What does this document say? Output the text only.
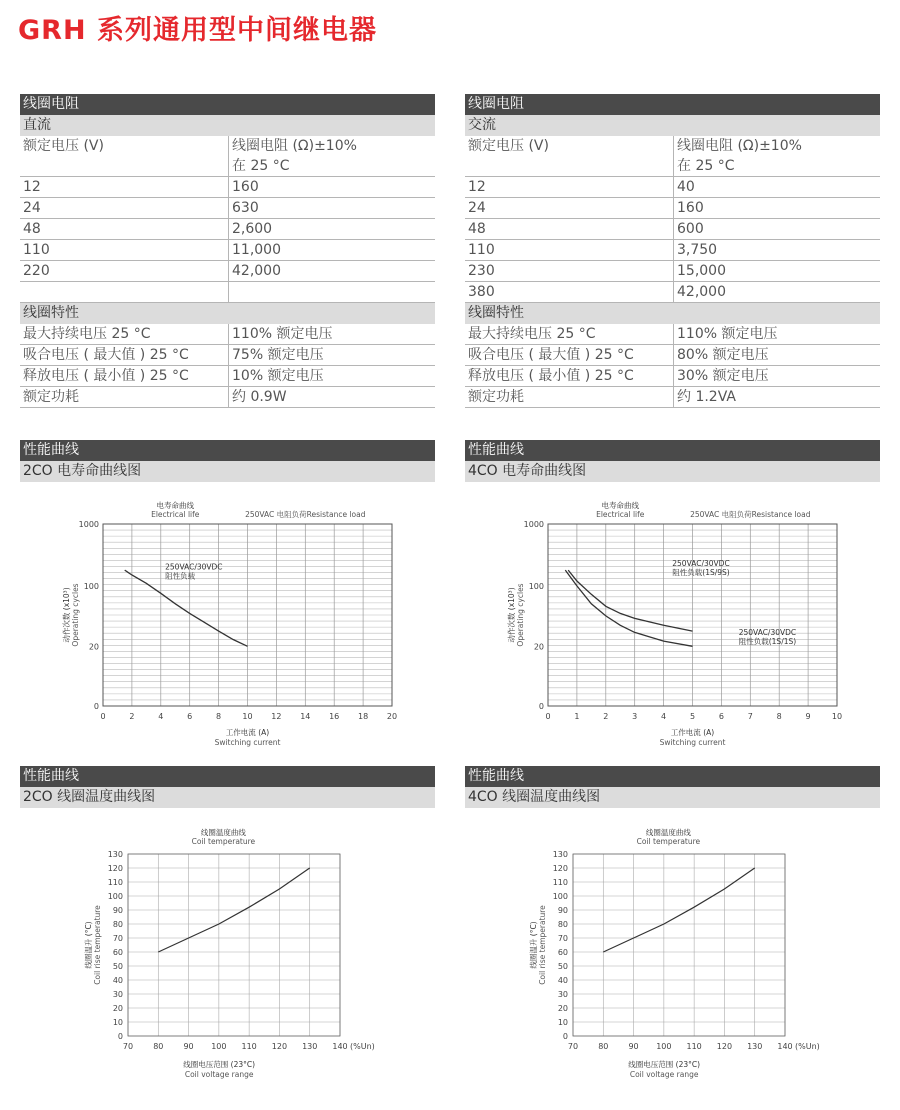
GRH 系列通用型中间继电器
线圈电阻
直流
额定电压 (V)	线圈电阻 (Ω)±10%
在 25 °C
12	160
24	630
48	2,600
110	11,000
220	42,000

线圈特性
最大持续电压 25 °C	110% 额定电压
吸合电压 ( 最大值 ) 25 °C	75% 额定电压
释放电压 ( 最小值 ) 25 °C	10% 额定电压
额定功耗	约 0.9W
线圈电阻
交流
额定电压 (V)	线圈电阻 (Ω)±10%
在 25 °C
12	40
24	160
48	600
110	3,750
230	15,000
380	42,000
线圈特性
最大持续电压 25 °C	110% 额定电压
吸合电压 ( 最大值 ) 25 °C	80% 额定电压
释放电压 ( 最小值 ) 25 °C	30% 额定电压
额定功耗	约 1.2VA
性能曲线
2CO 电寿命曲线图
性能曲线
4CO 电寿命曲线图
性能曲线
2CO 线圈温度曲线图
性能曲线
4CO 线圈温度曲线图
0	2	4	6	8	10 12 14 16 18 20
0
20
100
1000
电寿命曲线
Electrical life	250VAC 电阻负荷Resistance load
工作电流 (A)
Switching current
动作次数 (x10³) Operating cycles
250VAC/30VDC 阻性负载
0	1	2	3	4	5	6	7	8	9	10
0
20
100
1000
电寿命曲线
Electrical life	250VAC 电阻负荷Resistance load
工作电流 (A)
Switching current
动作次数 (x10³) Operating cycles
250VAC/30VDC 阻性负载(1S/9S)
250VAC/30VDC 阻性负载(1S/1S)
0
10
20
30
40
50
60
70
80
90
100
110
120
130
70	80	90 100 110 120 130 140 (%Un)
线圈温度曲线
Coil temperature
线圈电压范围 (23°C)
Coil voltage range
线圈温升 (°C) Coil rise temperature
0
10
20
30
40
50
60
70
80
90
100
110
120
130
70	80	90 100 110 120 130 140 (%Un)
线圈温度曲线
Coil temperature
线圈电压范围 (23°C)
Coil voltage range
线圈温升 (°C) Coil rise temperature
